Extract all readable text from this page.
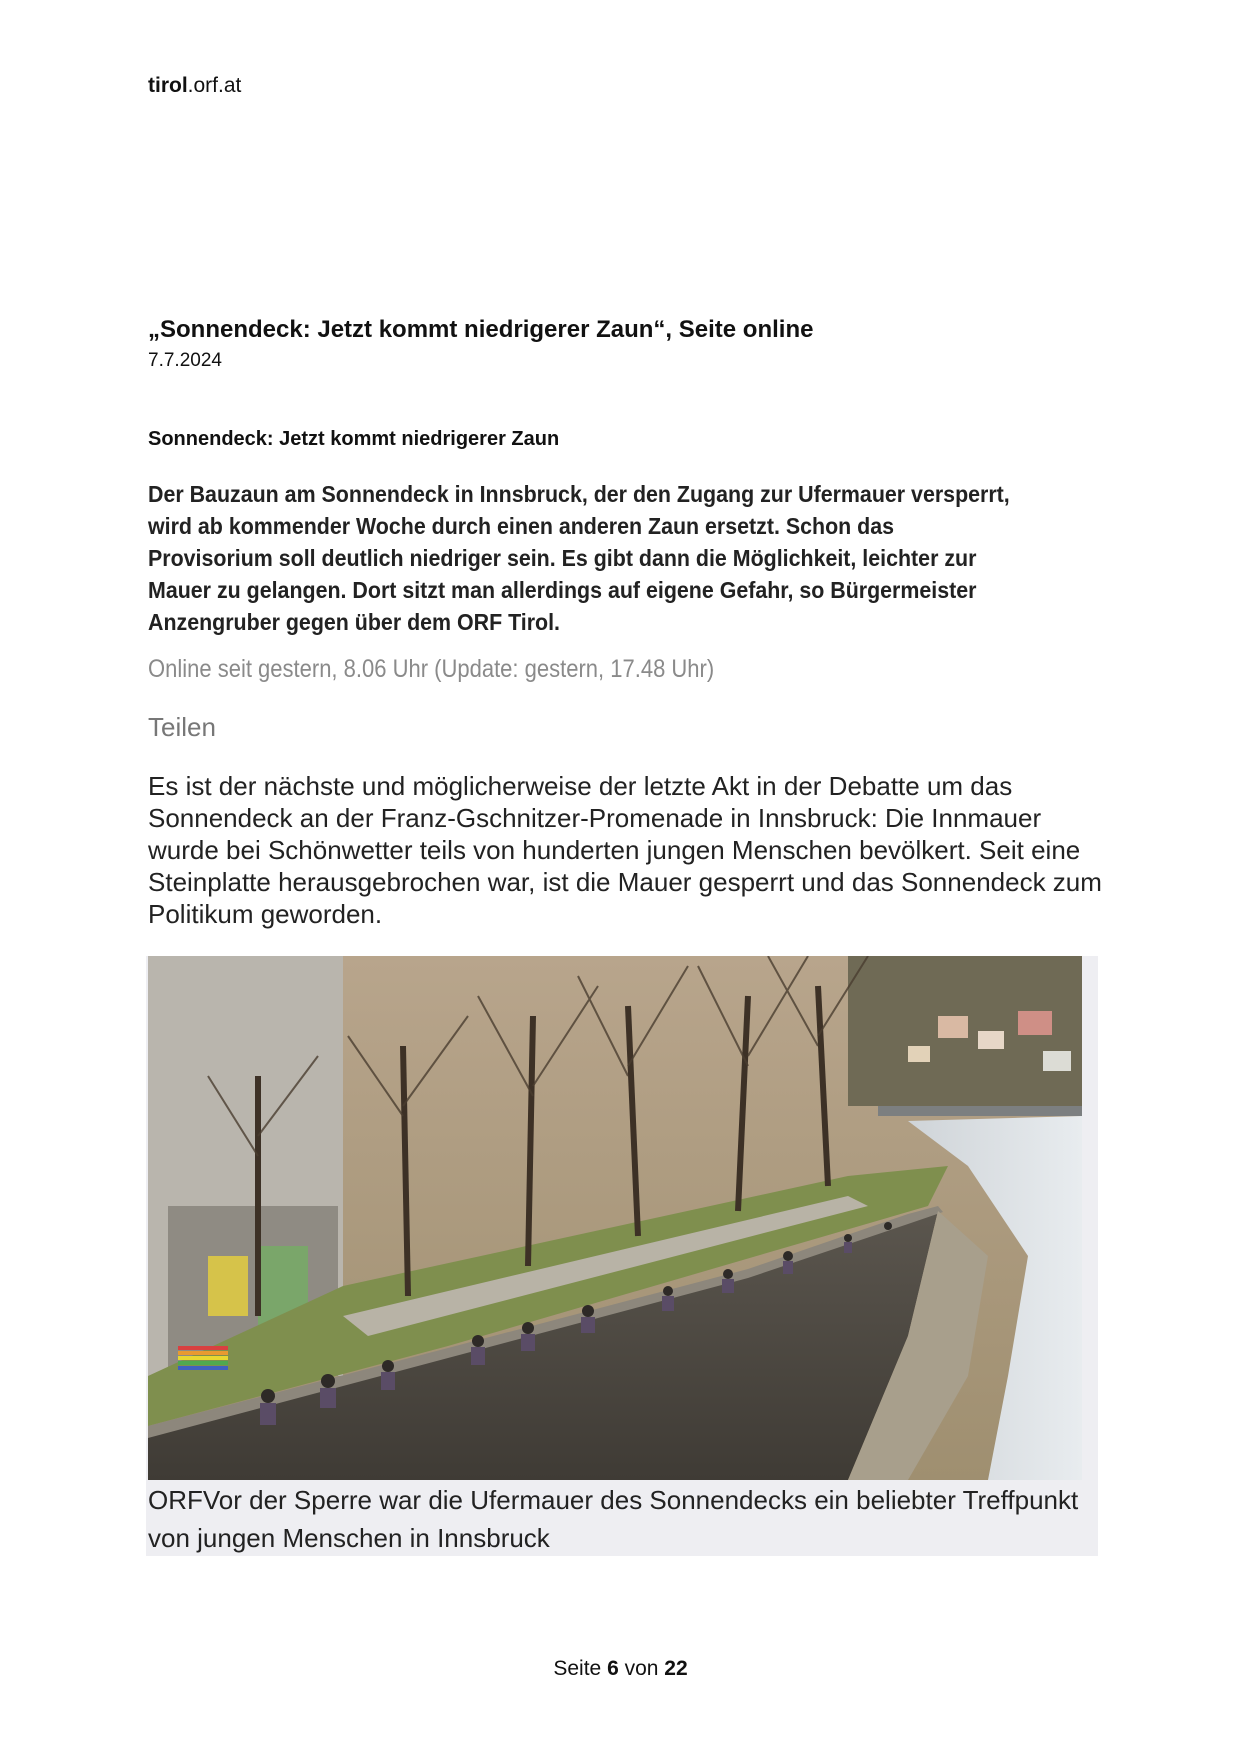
tirol.orf.at
„Sonnendeck: Jetzt kommt niedrigerer Zaun“, Seite online
7.7.2024
Sonnendeck: Jetzt kommt niedrigerer Zaun
Der Bauzaun am Sonnendeck in Innsbruck, der den Zugang zur Ufermauer versperrt, wird ab kommender Woche durch einen anderen Zaun ersetzt. Schon das Provisorium soll deutlich niedriger sein. Es gibt dann die Möglichkeit, leichter zur Mauer zu gelangen. Dort sitzt man allerdings auf eigene Gefahr, so Bürgermeister Anzengruber gegen über dem ORF Tirol.
Online seit gestern, 8.06 Uhr (Update: gestern, 17.48 Uhr)
Teilen
Es ist der nächste und möglicherweise der letzte Akt in der Debatte um das Sonnendeck an der Franz-Gschnitzer-Promenade in Innsbruck: Die Innmauer wurde bei Schönwetter teils von hunderten jungen Menschen bevölkert. Seit eine Steinplatte herausgebrochen war, ist die Mauer gesperrt und das Sonnendeck zum Politikum geworden.
ORFVor der Sperre war die Ufermauer des Sonnendecks ein beliebter Treffpunkt von jungen Menschen in Innsbruck
Seite 6 von 22
